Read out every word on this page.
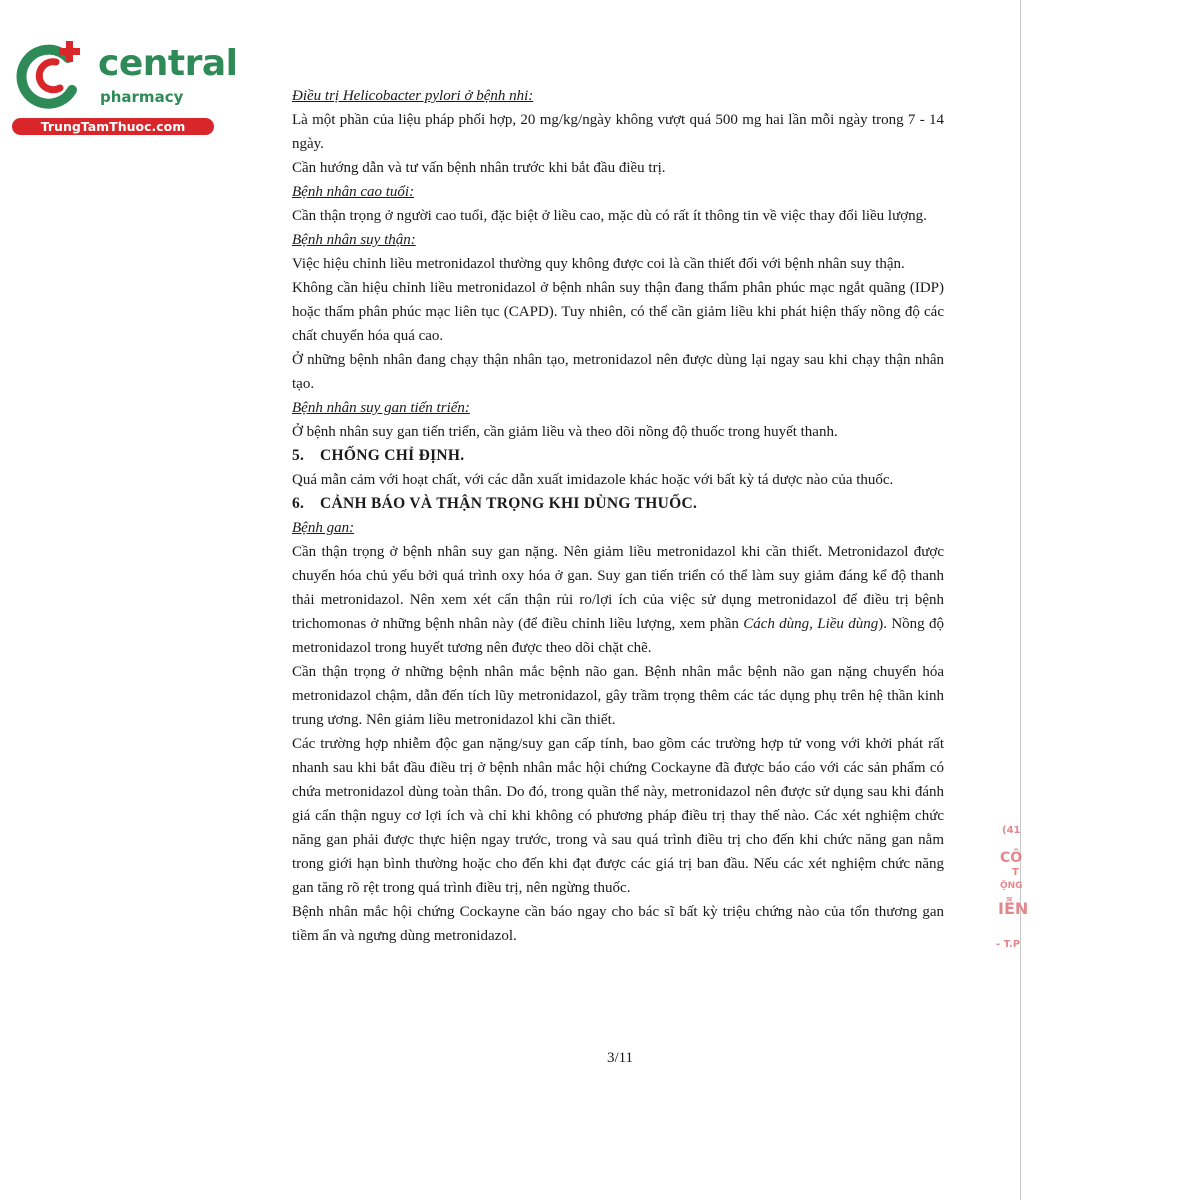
central
pharmacy
TrungTamThuoc.com

Điều trị Helicobacter pylori ở bệnh nhi:

Là một phần của liệu pháp phối hợp, 20 mg/kg/ngày không vượt quá 500 mg hai lần mỗi ngày trong 7 - 14 ngày.

Cần hướng dẫn và tư vấn bệnh nhân trước khi bắt đầu điều trị.

Bệnh nhân cao tuổi:

Cần thận trọng ở người cao tuổi, đặc biệt ở liều cao, mặc dù có rất ít thông tin về việc thay đổi liều lượng.

Bệnh nhân suy thận:

Việc hiệu chỉnh liều metronidazol thường quy không được coi là cần thiết đối với bệnh nhân suy thận.

Không cần hiệu chỉnh liều metronidazol ở bệnh nhân suy thận đang thẩm phân phúc mạc ngắt quãng (IDP) hoặc thẩm phân phúc mạc liên tục (CAPD). Tuy nhiên, có thể cần giảm liều khi phát hiện thấy nồng độ các chất chuyển hóa quá cao.

Ở những bệnh nhân đang chạy thận nhân tạo, metronidazol nên được dùng lại ngay sau khi chạy thận nhân tạo.

Bệnh nhân suy gan tiến triển:

Ở bệnh nhân suy gan tiến triển, cần giảm liều và theo dõi nồng độ thuốc trong huyết thanh.

5. CHỐNG CHỈ ĐỊNH.

Quá mẫn cảm với hoạt chất, với các dẫn xuất imidazole khác hoặc với bất kỳ tá dược nào của thuốc.

6. CẢNH BÁO VÀ THẬN TRỌNG KHI DÙNG THUỐC.

Bệnh gan:

Cần thận trọng ở bệnh nhân suy gan nặng. Nên giảm liều metronidazol khi cần thiết. Metronidazol được chuyển hóa chủ yếu bởi quá trình oxy hóa ở gan. Suy gan tiến triển có thể làm suy giảm đáng kể độ thanh thải metronidazol. Nên xem xét cẩn thận rủi ro/lợi ích của việc sử dụng metronidazol để điều trị bệnh trichomonas ở những bệnh nhân này (để điều chỉnh liều lượng, xem phần Cách dùng, Liều dùng). Nồng độ metronidazol trong huyết tương nên được theo dõi chặt chẽ.

Cần thận trọng ở những bệnh nhân mắc bệnh não gan. Bệnh nhân mắc bệnh não gan nặng chuyển hóa metronidazol chậm, dẫn đến tích lũy metronidazol, gây trầm trọng thêm các tác dụng phụ trên hệ thần kinh trung ương. Nên giảm liều metronidazol khi cần thiết.

Các trường hợp nhiễm độc gan nặng/suy gan cấp tính, bao gồm các trường hợp tử vong với khởi phát rất nhanh sau khi bắt đầu điều trị ở bệnh nhân mắc hội chứng Cockayne đã được báo cáo với các sản phẩm có chứa metronidazol dùng toàn thân. Do đó, trong quần thể này, metronidazol nên được sử dụng sau khi đánh giá cẩn thận nguy cơ lợi ích và chỉ khi không có phương pháp điều trị thay thế nào. Các xét nghiệm chức năng gan phải được thực hiện ngay trước, trong và sau quá trình điều trị cho đến khi chức năng gan nằm trong giới hạn bình thường hoặc cho đến khi đạt được các giá trị ban đầu. Nếu các xét nghiệm chức năng gan tăng rõ rệt trong quá trình điều trị, nên ngừng thuốc.

Bệnh nhân mắc hội chứng Cockayne cần báo ngay cho bác sĩ bất kỳ triệu chứng nào của tổn thương gan tiềm ẩn và ngưng dùng metronidazol.

3/11
(41
CÔ
T
ỘNG
IỄN
- T.P
